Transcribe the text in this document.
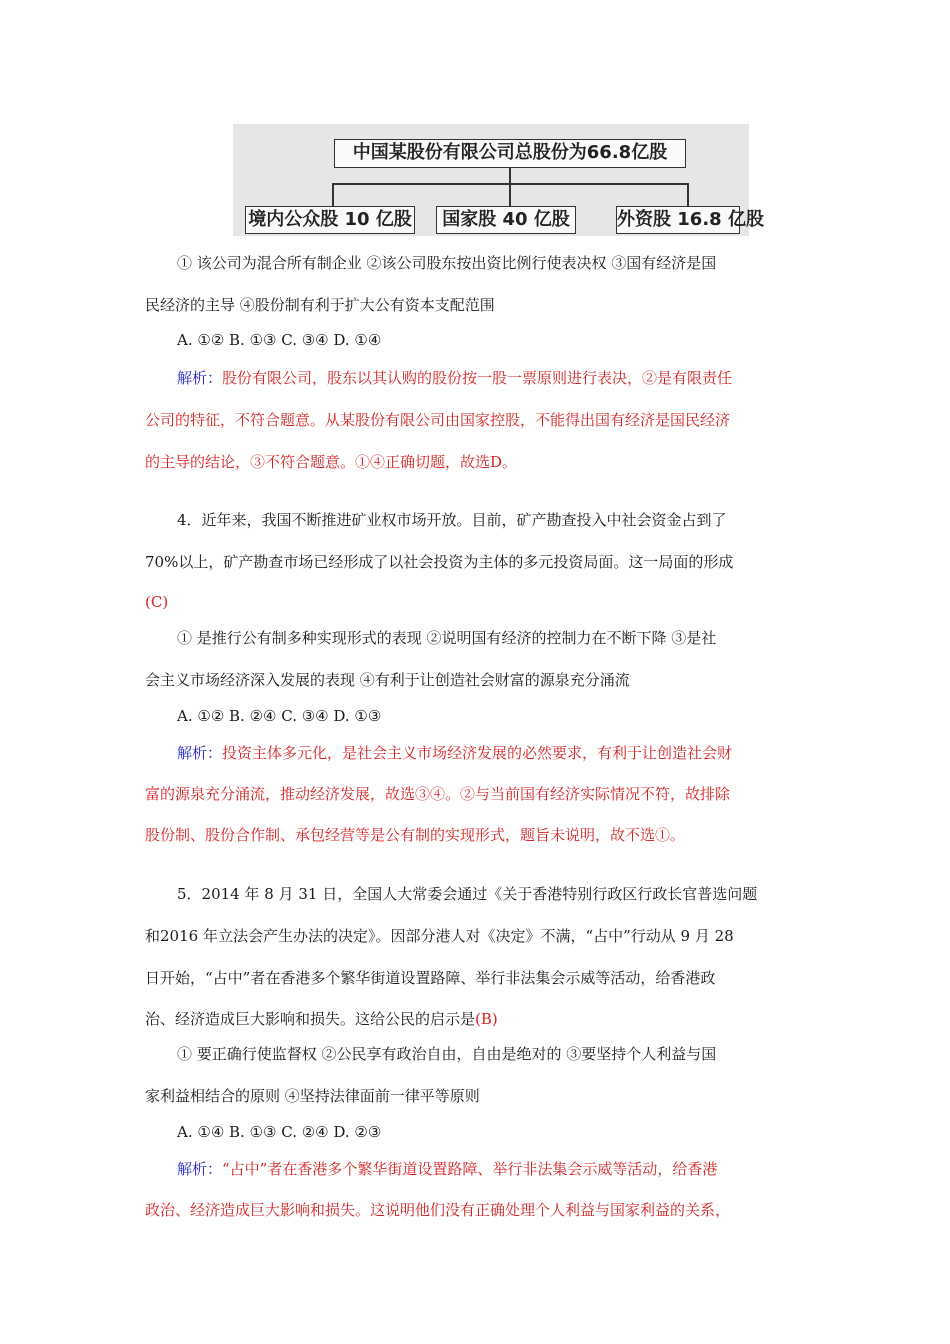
中国某股份有限公司总股份为66.8亿股
境内公众股 10 亿股	国家股 40 亿股	外资股 16.8 亿股
① 该公司为混合所有制企业 ②该公司股东按出资比例行使表决权 ③国有经济是国
民经济的主导 ④股份制有利于扩大公有资本支配范围
A. ①② B. ①③ C. ③④ D. ①④
解析：股份有限公司，股东以其认购的股份按一股一票原则进行表决，②是有限责任
公司的特征，不符合题意。从某股份有限公司由国家控股，不能得出国有经济是国民经济
的主导的结论，③不符合题意。①④正确切题，故选D。
4．近年来，我国不断推进矿业权市场开放。目前，矿产勘查投入中社会资金占到了
70%以上，矿产勘查市场已经形成了以社会投资为主体的多元投资局面。这一局面的形成
(C)
① 是推行公有制多种实现形式的表现 ②说明国有经济的控制力在不断下降 ③是社
会主义市场经济深入发展的表现 ④有利于让创造社会财富的源泉充分涌流
A. ①② B. ②④ C. ③④ D. ①③
解析：投资主体多元化，是社会主义市场经济发展的必然要求，有利于让创造社会财
富的源泉充分涌流，推动经济发展，故选③④。②与当前国有经济实际情况不符，故排除
股份制、股份合作制、承包经营等是公有制的实现形式，题旨未说明，故不选①。
5．2014 年 8 月 31 日，全国人大常委会通过《关于香港特别行政区行政长官普选问题
和2016 年立法会产生办法的决定》。因部分港人对《决定》不满，“占中”行动从 9 月 28
日开始，“占中”者在香港多个繁华街道设置路障、举行非法集会示威等活动，给香港政
治、经济造成巨大影响和损失。这给公民的启示是(B)
① 要正确行使监督权 ②公民享有政治自由，自由是绝对的 ③要坚持个人利益与国
家利益相结合的原则 ④坚持法律面前一律平等原则
A. ①④ B. ①③ C. ②④ D. ②③
解析：“占中”者在香港多个繁华街道设置路障、举行非法集会示威等活动，给香港
政治、经济造成巨大影响和损失。这说明他们没有正确处理个人利益与国家利益的关系，
